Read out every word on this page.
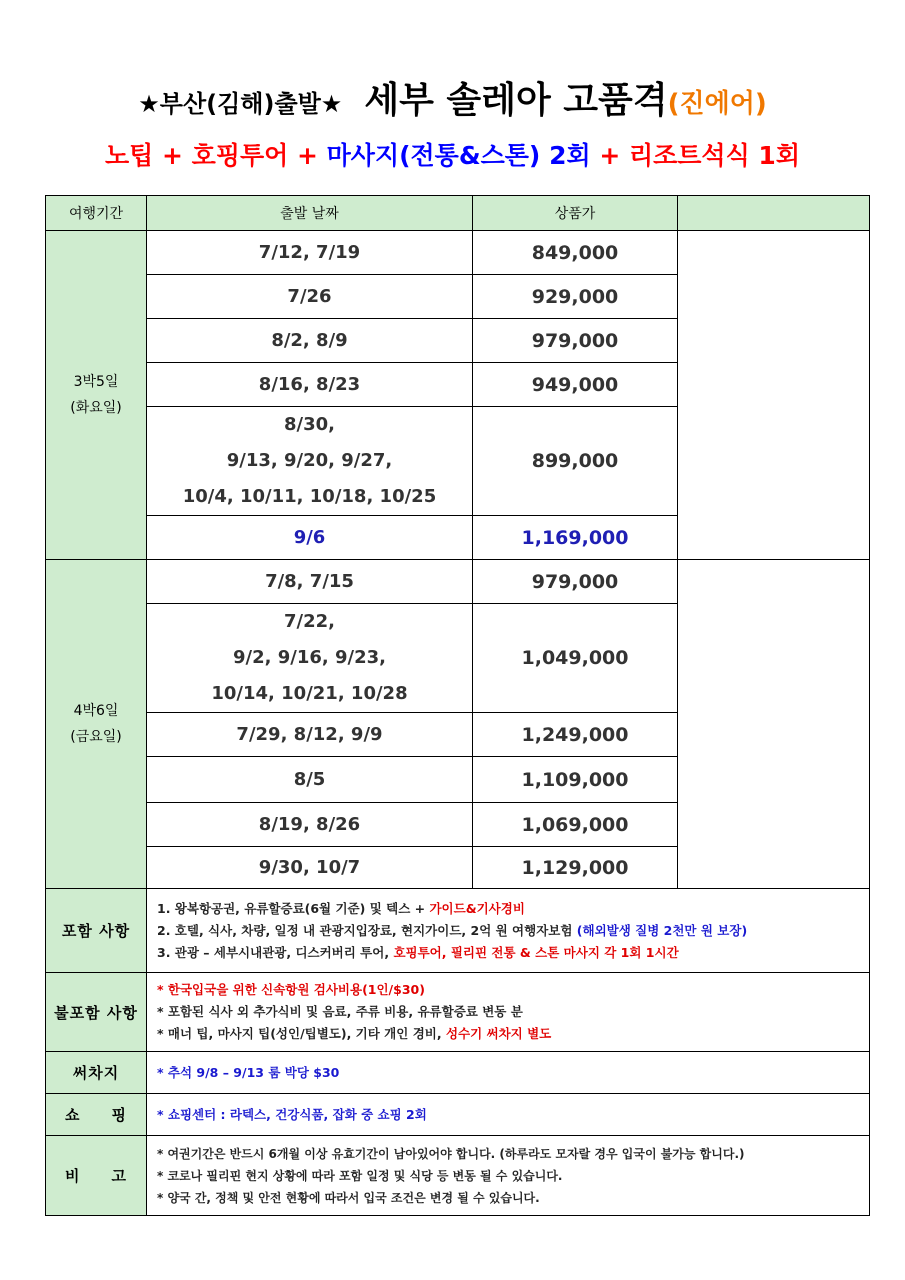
★부산(김해)출발★ 세부 솔레아 고품격(진에어)
노팁 + 호핑투어 + 마사지(전통&스톤) 2회 + 리조트석식 1회
여행기간	출발 날짜	상품가	
3박5일
(화요일)	7/12, 7/19	849,000	
	7/26	929,000	
	8/2, 8/9	979,000	
	8/16, 8/23	949,000	
	8/30,
9/13, 9/20, 9/27,
10/4, 10/11, 10/18, 10/25	899,000	
	9/6	1,169,000	
4박6일
(금요일)	7/8, 7/15	979,000	
	7/22,
9/2, 9/16, 9/23,
10/14, 10/21, 10/28	1,049,000	
	7/29, 8/12, 9/9	1,249,000	
	8/5	1,109,000	
	8/19, 8/26	1,069,000	
	9/30, 10/7	1,129,000	
포함 사항	1. 왕복항공권, 유류할증료(6월 기준) 및 텍스 + 가이드&기사경비
2. 호텔, 식사, 차량, 일정 내 관광지입장료, 현지가이드, 2억 원 여행자보험 (해외발생 질병 2천만 원 보장)
3. 관광 – 세부시내관광, 디스커버리 투어, 호핑투어, 필리핀 전통 & 스톤 마사지 각 1회 1시간		
불포함 사항	* 한국입국을 위한 신속항원 검사비용(1인/$30)
* 포함된 식사 외 추가식비 및 음료, 주류 비용, 유류할증료 변동 분
* 매너 팁, 마사지 팁(성인/팁별도), 기타 개인 경비, 성수기 써차지 별도		
써차지	* 추석 9/8 – 9/13 룸 박당 $30		
쇼     핑	* 쇼핑센터 : 라텍스, 건강식품, 잡화 중 쇼핑 2회		
비     고	* 여권기간은 반드시 6개월 이상 유효기간이 남아있어야 합니다. (하루라도 모자랄 경우 입국이 불가능 합니다.)
* 코로나 필리핀 현지 상황에 따라 포함 일정 및 식당 등 변동 될 수 있습니다.
* 양국 간, 정책 및 안전 현황에 따라서 입국 조건은 변경 될 수 있습니다.		
